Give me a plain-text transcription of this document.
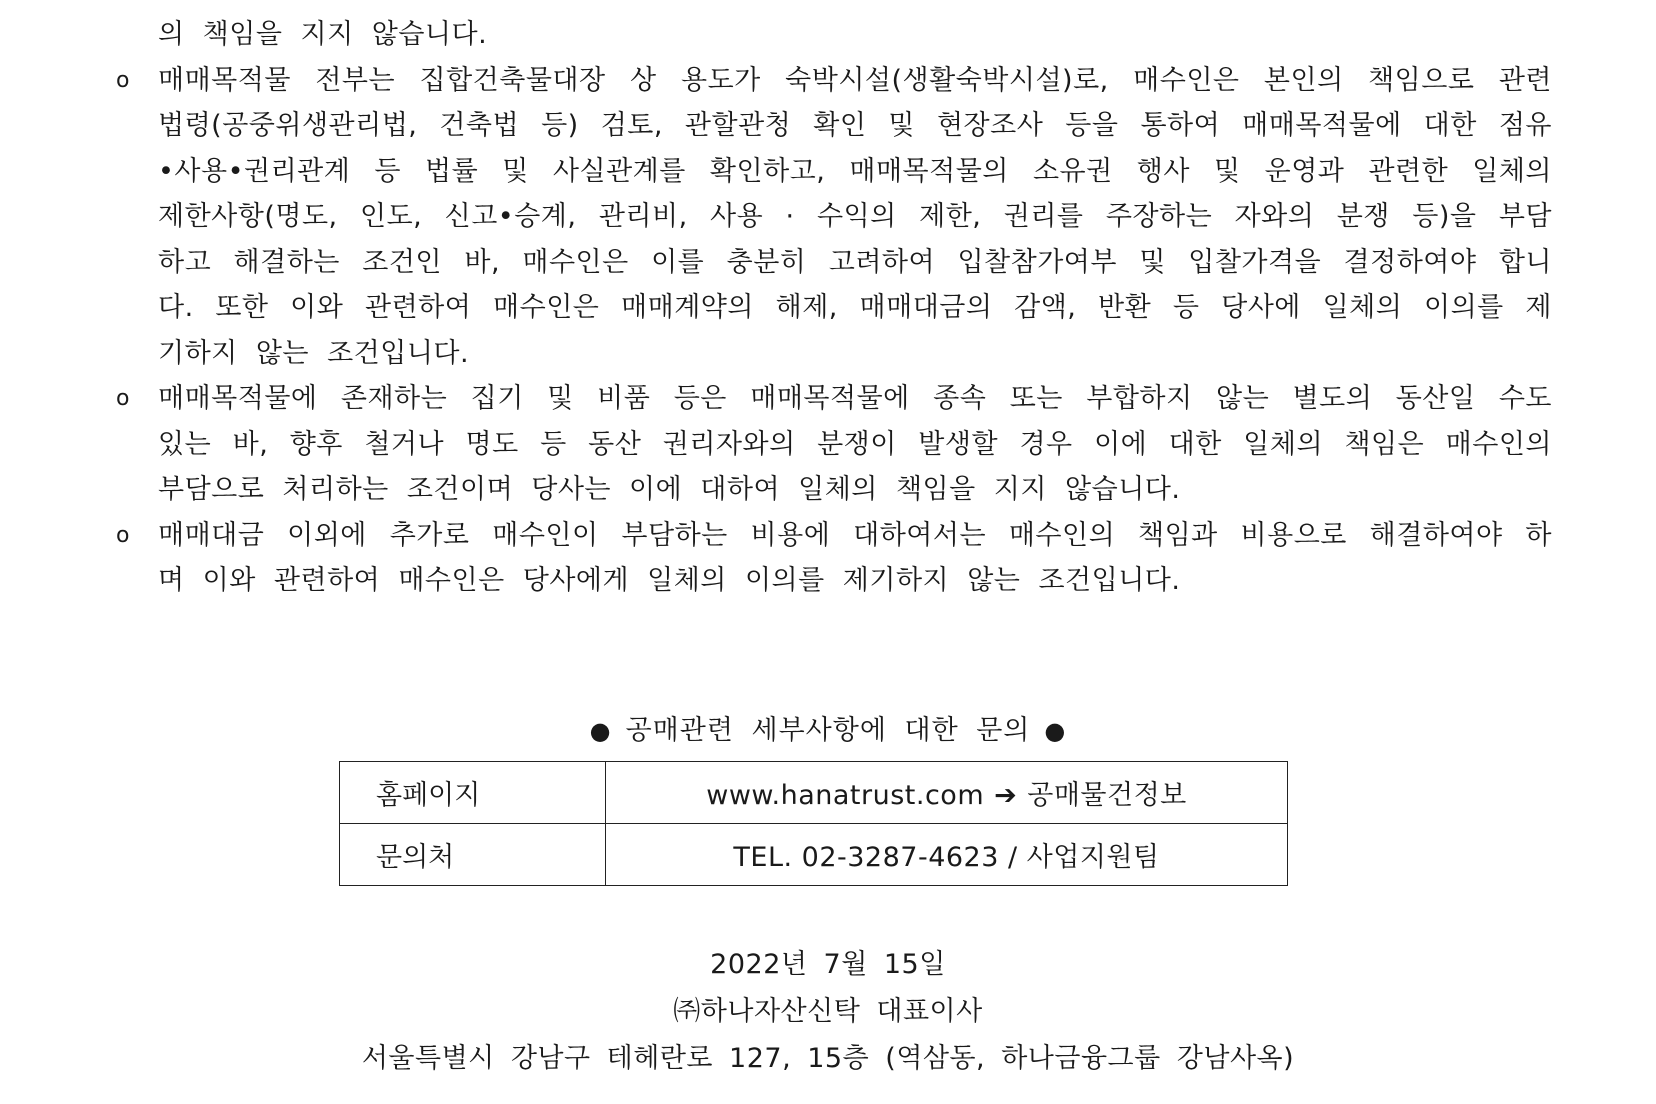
의 책임을 지지 않습니다.
o 매매목적물 전부는 집합건축물대장 상 용도가 숙박시설(생활숙박시설)로, 매수인은 본인의 책임으로 관련
법령(공중위생관리법, 건축법 등) 검토, 관할관청 확인 및 현장조사 등을 통하여 매매목적물에 대한 점유
•사용•권리관계 등 법률 및 사실관계를 확인하고, 매매목적물의 소유권 행사 및 운영과 관련한 일체의
제한사항(명도, 인도, 신고•승계, 관리비, 사용 · 수익의 제한, 권리를 주장하는 자와의 분쟁 등)을 부담
하고 해결하는 조건인 바, 매수인은 이를 충분히 고려하여 입찰참가여부 및 입찰가격을 결정하여야 합니
다. 또한 이와 관련하여 매수인은 매매계약의 해제, 매매대금의 감액, 반환 등 당사에 일체의 이의를 제
기하지 않는 조건입니다.
o 매매목적물에 존재하는 집기 및 비품 등은 매매목적물에 종속 또는 부합하지 않는 별도의 동산일 수도
있는 바, 향후 철거나 명도 등 동산 권리자와의 분쟁이 발생할 경우 이에 대한 일체의 책임은 매수인의
부담으로 처리하는 조건이며 당사는 이에 대하여 일체의 책임을 지지 않습니다.
o 매매대금 이외에 추가로 매수인이 부담하는 비용에 대하여서는 매수인의 책임과 비용으로 해결하여야 하
며 이와 관련하여 매수인은 당사에게 일체의 이의를 제기하지 않는 조건입니다.
● 공매관련 세부사항에 대한 문의 ●
홈페이지	www.hanatrust.com ➔ 공매물건정보
문의처	TEL. 02-3287-4623 / 사업지원팀
2022년 7월 15일
㈜하나자산신탁 대표이사
서울특별시 강남구 테헤란로 127, 15층 (역삼동, 하나금융그룹 강남사옥)
